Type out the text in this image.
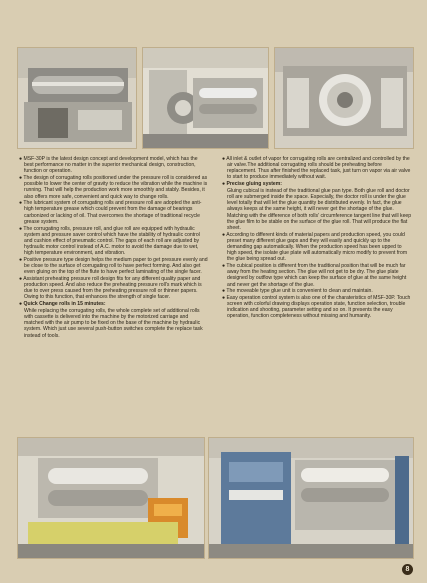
● MSF-30P is the latest design concept and development model, which has the best performance no matter in the superior mechanical design, construction, function or operation.

● The design of corrugating rolls positioned under the pressure roll is considered as possible to lower the center of gravity to reduce the vibration while the machine is running. That will help the production work more smoothly and stably. Besides, it also offers more safe, convenient and quick way to change rolls.

● The lubricant system of corrugating rolls and pressure roll are adopted the anti-high temperature grease which could prevent from the damage of bearings carbonized or lacking of oil. That overcomes the shortage of traditional recycle grease system.

● The corrugating rolls, pressure roll, and glue roll are equipped with hydraulic system and pressure saver control which have the stability of hydraulic control and cushion effect of pneumatic control. The gaps of each roll are adjusted by hydraulic motor control instead of A.C. motor to avoid the damage due to wet, high temperature environment, and vibration.

● Positive pressure type design helps the medium paper to get pressure evenly and be close to the surface of corrugating roll to have perfect forming. And also get even gluing on the top of the flute to have perfect laminating of the single facer.

● Assistant preheating pressure roll design fits for any different quality paper and production speed. And also reduce the preheating pressure roll's mark which is due to over press caused from the preheating pressure roll or thinner papers. Owing to this function, that enhances the strength of single facer.

● Quick Change rolls in 15 minutes:

While replacing the corrugating rolls, the whole complete set of additional rolls with cassette is delivered into the machine by the motorized carriage and matched with the air pump to be fixed on the base of the machine by hydraulic system. Which just use several push-button switches complete the replace task instead of tools.

● All inlet & outlet of vapor for corrugating rolls are centralized and controlled by the air valve.The additional corrugating rolls should be preheating before replacement. Thus after finished the replaced task, just turn on vapor via air valve to start to produce immediately without wait.

● Precise gluing system:

Gluing cubical is instead of the traditional glue pan type. Both glue roll and doctor roll are submerged inside the space. Especially, the doctor roll is under the glue level totally that will let the glue quantity be distributed evenly. In fact, the glue always keeps at the same height, it will never get the shortage of the glue. Matching with the difference of both rolls' circumference tangent line that will keep the glue film to be stable on the surface of the glue roll. That will produce the flat sheet.

● According to different kinds of material papers and production speed, you could preset many different glue gaps and they will easily and quickly up to the demanding gap automatically. When the production speed has been upped to high speed, the isolate glue plate will automatically micro modify to prevent from the glue being spread out.

● The cubical position is different from the traditional position that will be much far away from the heating section. The glue will not get to be dry. The glue plate designed by outflow type which can keep the surface of glue at the same height and never get the shortage of the glue.

● The moveable type glue unit is convenient to clean and maintain.

● Easy operation control system is also one of the charateristics of MSF-30P. Touch screen with colorful drawing displays operation state, function selection, trouble indication and shooting, parameter setting and so on. It presents the easy operation, function completeness without missing and humanity.

8
